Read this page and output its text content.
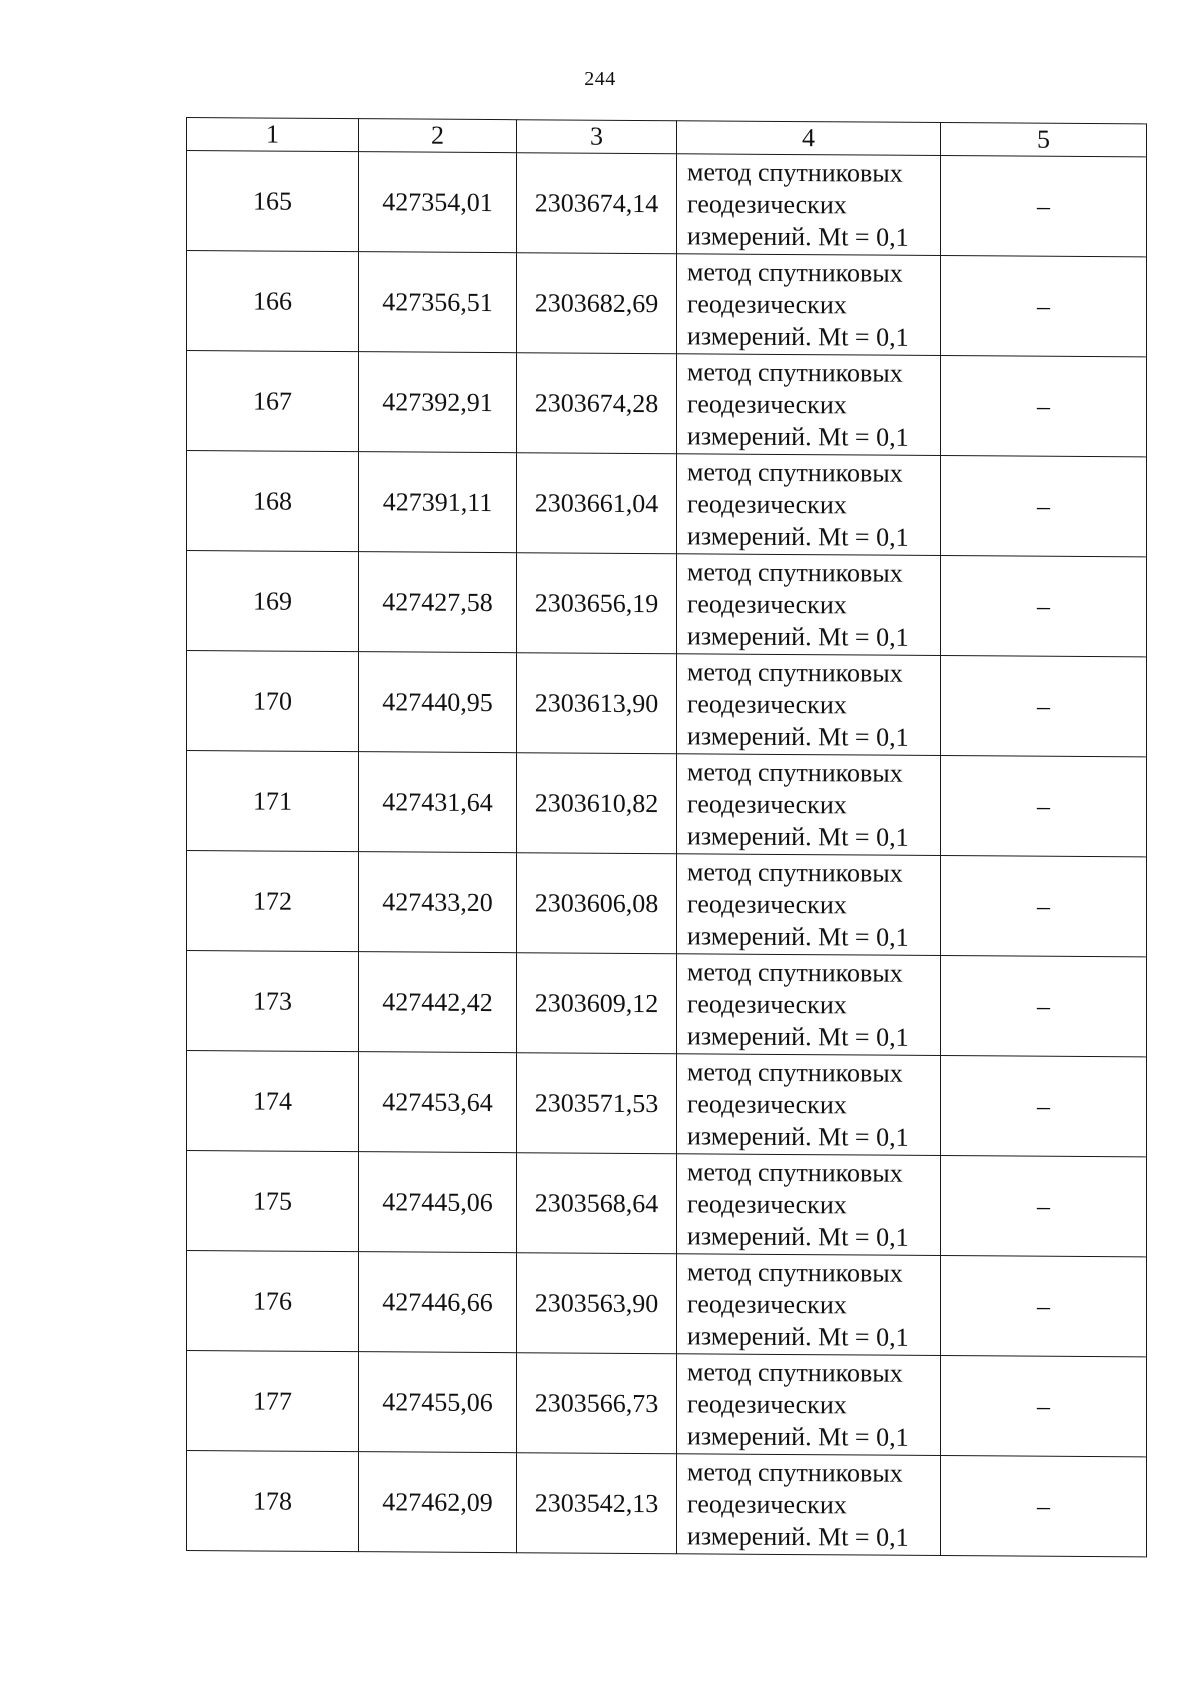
244
1	2	3	4	5
165	427354,01	2303674,14	метод спутниковых
геодезических
измерений. Mt = 0,1	–
166	427356,51	2303682,69	метод спутниковых
геодезических
измерений. Mt = 0,1	–
167	427392,91	2303674,28	метод спутниковых
геодезических
измерений. Mt = 0,1	–
168	427391,11	2303661,04	метод спутниковых
геодезических
измерений. Mt = 0,1	–
169	427427,58	2303656,19	метод спутниковых
геодезических
измерений. Mt = 0,1	–
170	427440,95	2303613,90	метод спутниковых
геодезических
измерений. Mt = 0,1	–
171	427431,64	2303610,82	метод спутниковых
геодезических
измерений. Mt = 0,1	–
172	427433,20	2303606,08	метод спутниковых
геодезических
измерений. Mt = 0,1	–
173	427442,42	2303609,12	метод спутниковых
геодезических
измерений. Mt = 0,1	–
174	427453,64	2303571,53	метод спутниковых
геодезических
измерений. Mt = 0,1	–
175	427445,06	2303568,64	метод спутниковых
геодезических
измерений. Mt = 0,1	–
176	427446,66	2303563,90	метод спутниковых
геодезических
измерений. Mt = 0,1	–
177	427455,06	2303566,73	метод спутниковых
геодезических
измерений. Mt = 0,1	–
178	427462,09	2303542,13	метод спутниковых
геодезических
измерений. Mt = 0,1	–
